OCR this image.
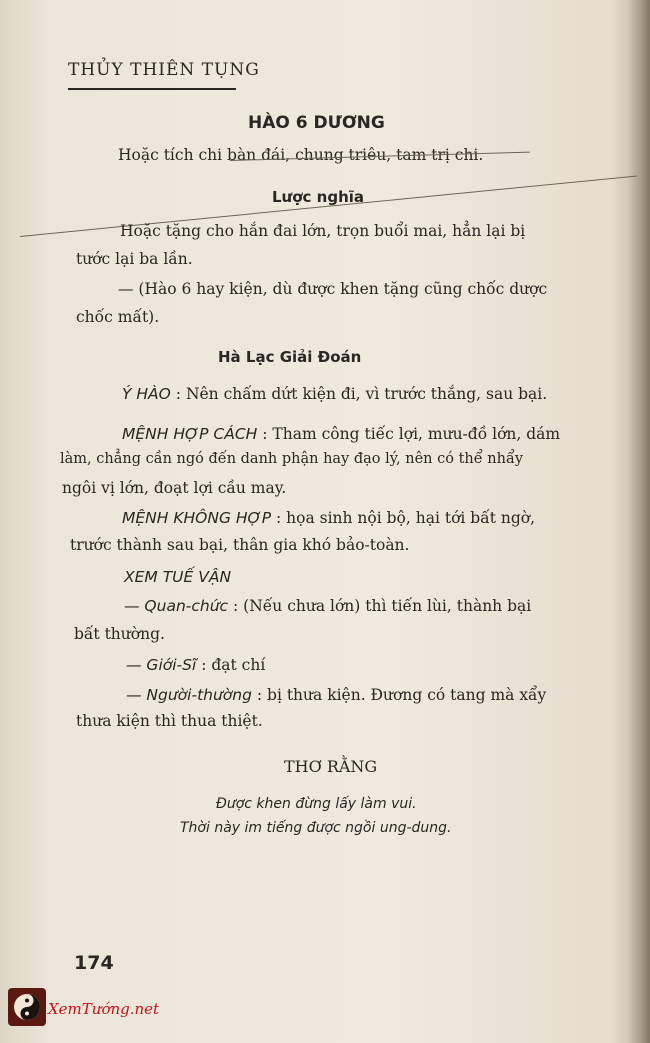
THỦY THIÊN TỤNG
HÀO 6 DƯƠNG
Hoặc tích chi bàn đái, chung triêu, tam trị chi.
Lược nghĩa
Hoặc tặng cho hắn đai lớn, trọn buổi mai, hẳn lại bị
tước lại ba lần.
— (Hào 6 hay kiện, dù được khen tặng cũng chốc dược
chốc mất).
Hà Lạc Giải Đoán
Ý HÀO : Nên chấm dứt kiện đi, vì trước thắng, sau bại.
MỆNH HỢP CÁCH : Tham công tiếc lợi, mưu-đồ lớn, dám
làm, chẳng cần ngó đến danh phận hay đạo lý, nên có thể nhẩy
ngôi vị lớn, đoạt lợi cầu may.
MỆNH KHÔNG HỢP : họa sinh nội bộ, hại tới bất ngờ,
trước thành sau bại, thân gia khó bảo-toàn.
XEM TUẾ VẬN
— Quan-chức : (Nếu chưa lớn) thì tiến lùi, thành bại
bất thường.
— Giới-Sĩ : đạt chí
— Người-thường : bị thưa kiện. Đương có tang mà xẩy
thưa kiện thì thua thiệt.
THƠ RẰNG
Được khen đừng lấy làm vui.
Thời này im tiếng được ngồi ung-dung.
174
XemTướng.net
